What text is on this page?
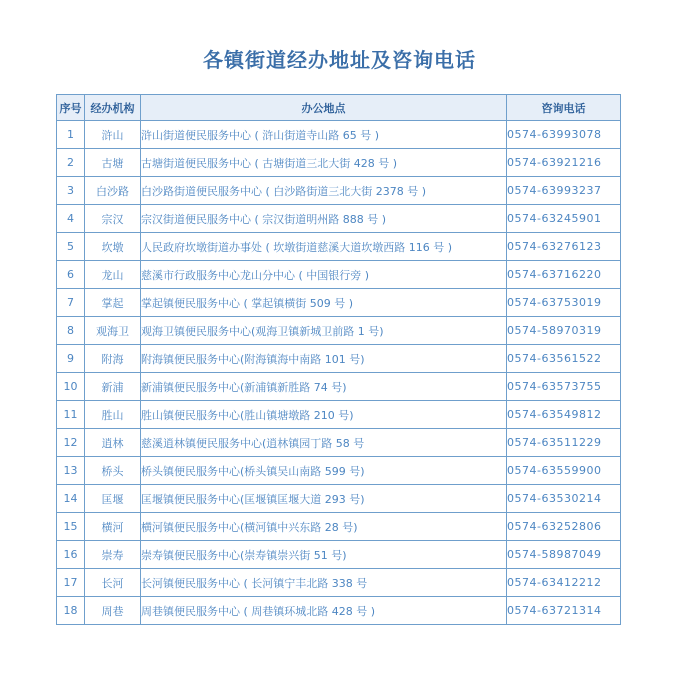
各镇街道经办地址及咨询电话
序号	经办机构	办公地点	咨询电话
1	浒山	浒山街道便民服务中心 ( 浒山街道寺山路 65 号 )	0574-63993078
2	古塘	古塘街道便民服务中心 ( 古塘街道三北大街 428 号 )	0574-63921216
3	白沙路	白沙路街道便民服务中心 ( 白沙路街道三北大街 2378 号 )	0574-63993237
4	宗汉	宗汉街道便民服务中心 ( 宗汉街道明州路 888 号 )	0574-63245901
5	坎墩	人民政府坎墩街道办事处 ( 坎墩街道慈溪大道坎墩西路 116 号 )	0574-63276123
6	龙山	慈溪市行政服务中心龙山分中心 ( 中国银行旁 )	0574-63716220
7	掌起	掌起镇便民服务中心 ( 掌起镇横街 509 号 )	0574-63753019
8	观海卫	观海卫镇便民服务中心(观海卫镇新城卫前路 1 号)	0574-58970319
9	附海	附海镇便民服务中心(附海镇海中南路 101 号)	0574-63561522
10	新浦	新浦镇便民服务中心(新浦镇新胜路 74 号)	0574-63573755
11	胜山	胜山镇便民服务中心(胜山镇塘墩路 210 号)	0574-63549812
12	逍林	慈溪逍林镇便民服务中心(逍林镇园丁路 58 号	0574-63511229
13	桥头	桥头镇便民服务中心(桥头镇吴山南路 599 号)	0574-63559900
14	匡堰	匡堰镇便民服务中心(匡堰镇匡堰大道 293 号)	0574-63530214
15	横河	横河镇便民服务中心(横河镇中兴东路 28 号)	0574-63252806
16	崇寿	崇寿镇便民服务中心(崇寿镇崇兴街 51 号)	0574-58987049
17	长河	长河镇便民服务中心 ( 长河镇宁丰北路 338 号	0574-63412212
18	周巷	周巷镇便民服务中心 ( 周巷镇环城北路 428 号 )	0574-63721314
